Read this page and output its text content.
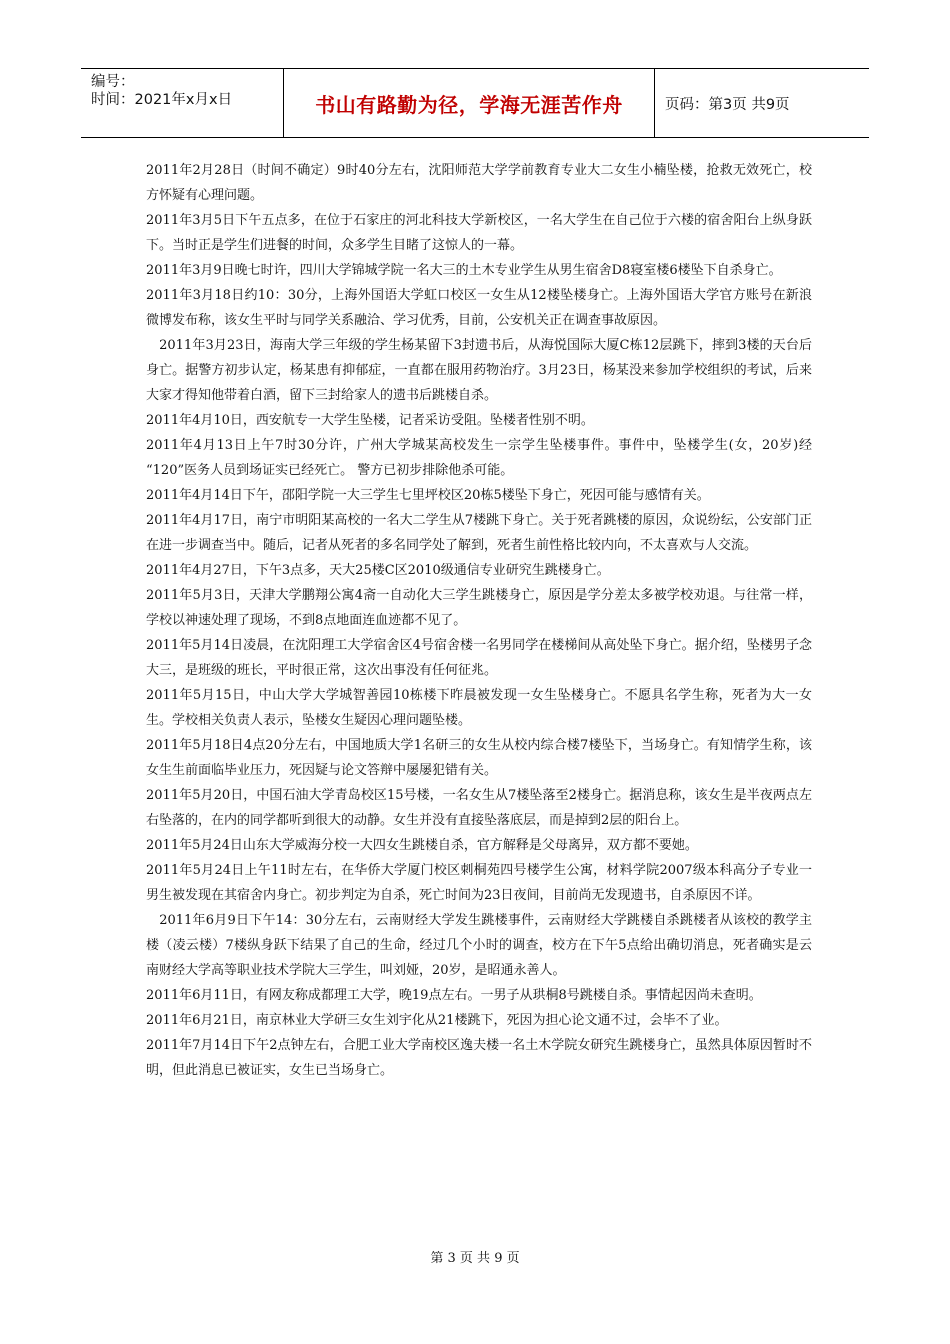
编号：
时间：2021年x月x日	书山有路勤为径，学海无涯苦作舟	页码：第3页 共9页

2011年2月28日（时间不确定）9时40分左右，沈阳师范大学学前教育专业大二女生小楠坠楼，抢救无效死亡，校方怀疑有心理问题。

2011年3月5日下午五点多，在位于石家庄的河北科技大学新校区，一名大学生在自己位于六楼的宿舍阳台上纵身跃下。当时正是学生们进餐的时间，众多学生目睹了这惊人的一幕。

2011年3月9日晚七时许，四川大学锦城学院一名大三的土木专业学生从男生宿舍D8寝室楼6楼坠下自杀身亡。

2011年3月18日约10：30分，上海外国语大学虹口校区一女生从12楼坠楼身亡。上海外国语大学官方账号在新浪微博发布称，该女生平时与同学关系融洽、学习优秀，目前，公安机关正在调查事故原因。

　2011年3月23日，海南大学三年级的学生杨某留下3封遗书后，从海悦国际大厦C栋12层跳下，摔到3楼的天台后身亡。据警方初步认定，杨某患有抑郁症，一直都在服用药物治疗。3月23日，杨某没来参加学校组织的考试，后来大家才得知他带着白酒，留下三封给家人的遗书后跳楼自杀。

2011年4月10日，西安航专一大学生坠楼，记者采访受阻。坠楼者性别不明。

2011年4月13日上午7时30分许，广州大学城某高校发生一宗学生坠楼事件。事件中，坠楼学生(女，20岁)经 “120”医务人员到场证实已经死亡。 警方已初步排除他杀可能。

2011年4月14日下午，邵阳学院一大三学生七里坪校区20栋5楼坠下身亡，死因可能与感情有关。

2011年4月17日，南宁市明阳某高校的一名大二学生从7楼跳下身亡。关于死者跳楼的原因，众说纷纭，公安部门正在进一步调查当中。随后，记者从死者的多名同学处了解到，死者生前性格比较内向，不太喜欢与人交流。

2011年4月27日，下午3点多，天大25楼C区2010级通信专业研究生跳楼身亡。

2011年5月3日，天津大学鹏翔公寓4斋一自动化大三学生跳楼身亡，原因是学分差太多被学校劝退。与往常一样，学校以神速处理了现场，不到8点地面连血迹都不见了。

2011年5月14日凌晨，在沈阳理工大学宿舍区4号宿舍楼一名男同学在楼梯间从高处坠下身亡。据介绍，坠楼男子念大三，是班级的班长，平时很正常，这次出事没有任何征兆。

2011年5月15日，中山大学大学城智善园10栋楼下昨晨被发现一女生坠楼身亡。不愿具名学生称，死者为大一女生。学校相关负责人表示，坠楼女生疑因心理问题坠楼。

2011年5月18日4点20分左右，中国地质大学1名研三的女生从校内综合楼7楼坠下，当场身亡。有知情学生称，该女生生前面临毕业压力，死因疑与论文答辩中屡屡犯错有关。

2011年5月20日，中国石油大学青岛校区15号楼，一名女生从7楼坠落至2楼身亡。据消息称，该女生是半夜两点左右坠落的，在内的同学都听到很大的动静。女生并没有直接坠落底层，而是掉到2层的阳台上。

2011年5月24日山东大学威海分校一大四女生跳楼自杀，官方解释是父母离异，双方都不要她。

2011年5月24日上午11时左右，在华侨大学厦门校区刺桐苑四号楼学生公寓，材料学院2007级本科高分子专业一男生被发现在其宿舍内身亡。初步判定为自杀，死亡时间为23日夜间，目前尚无发现遗书，自杀原因不详。

　2011年6月9日下午14：30分左右，云南财经大学发生跳楼事件，云南财经大学跳楼自杀跳楼者从该校的教学主楼（凌云楼）7楼纵身跃下结果了自己的生命，经过几个小时的调查，校方在下午5点给出确切消息，死者确实是云南财经大学高等职业技术学院大三学生，叫刘娅，20岁，是昭通永善人。

2011年6月11日，有网友称成都理工大学，晚19点左右。一男子从珙桐8号跳楼自杀。事情起因尚未查明。

2011年6月21日，南京林业大学研三女生刘宇化从21楼跳下，死因为担心论文通不过，会毕不了业。

2011年7月14日下午2点钟左右，合肥工业大学南校区逸夫楼一名土木学院女研究生跳楼身亡，虽然具体原因暂时不明，但此消息已被证实，女生已当场身亡。

第 3 页 共 9 页
